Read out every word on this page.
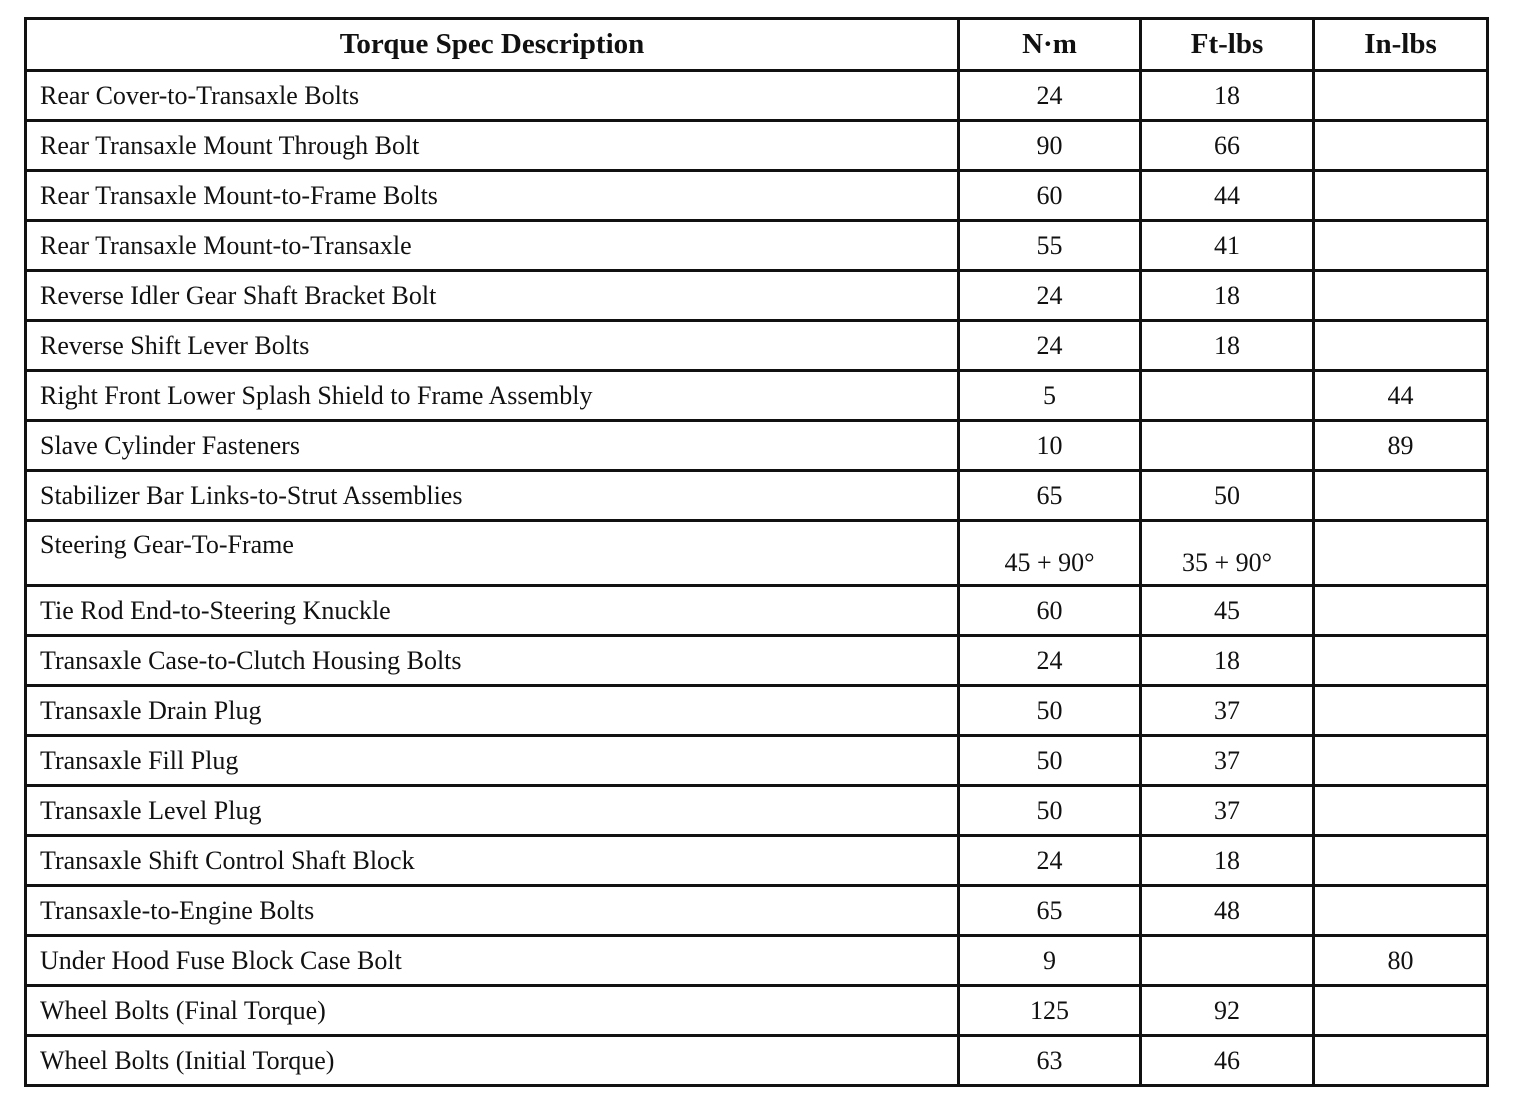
Torque Spec Description	N·m	Ft-lbs	In-lbs
Rear Cover-to-Transaxle Bolts	24	18	
Rear Transaxle Mount Through Bolt	90	66	
Rear Transaxle Mount-to-Frame Bolts	60	44	
Rear Transaxle Mount-to-Transaxle	55	41	
Reverse Idler Gear Shaft Bracket Bolt	24	18	
Reverse Shift Lever Bolts	24	18	
Right Front Lower Splash Shield to Frame Assembly	5		44
Slave Cylinder Fasteners	10		89
Stabilizer Bar Links-to-Strut Assemblies	65	50	
Steering Gear-To-Frame	45 + 90°	35 + 90°	
Tie Rod End-to-Steering Knuckle	60	45	
Transaxle Case-to-Clutch Housing Bolts	24	18	
Transaxle Drain Plug	50	37	
Transaxle Fill Plug	50	37	
Transaxle Level Plug	50	37	
Transaxle Shift Control Shaft Block	24	18	
Transaxle-to-Engine Bolts	65	48	
Under Hood Fuse Block Case Bolt	9		80
Wheel Bolts (Final Torque)	125	92	
Wheel Bolts (Initial Torque)	63	46	
